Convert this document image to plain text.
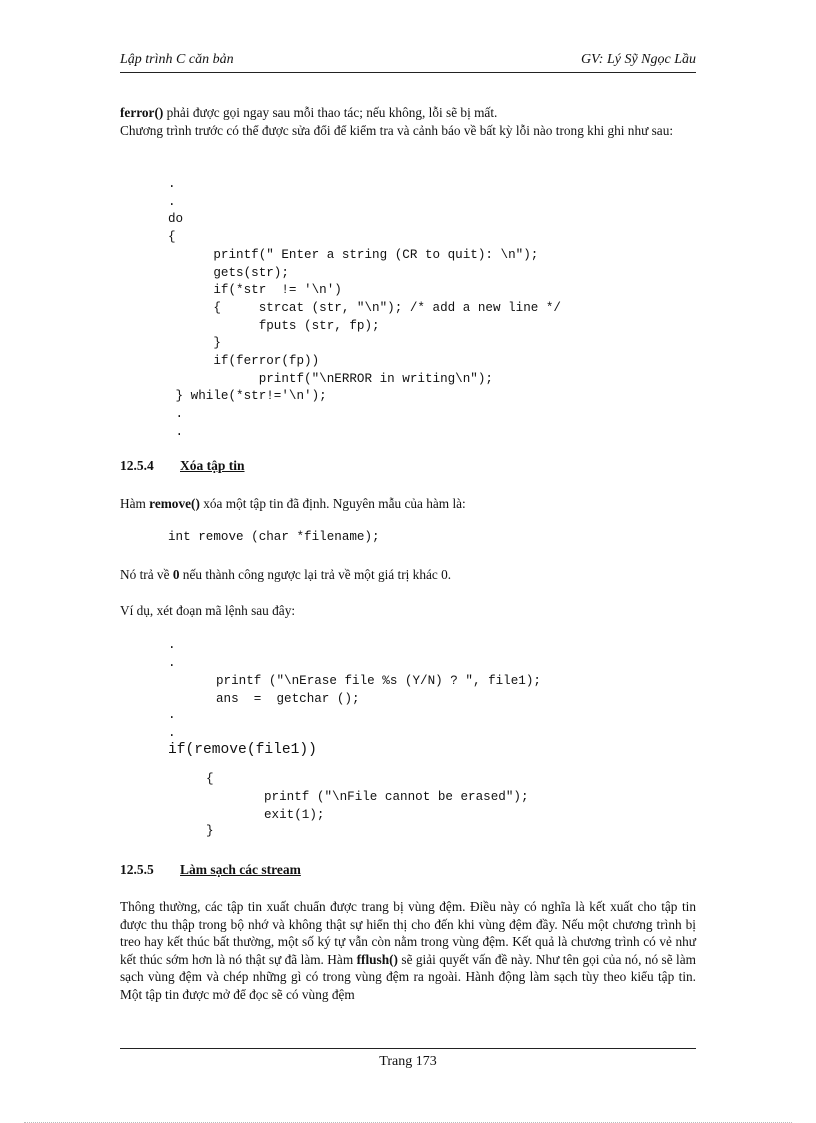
Lập trình C căn bản	GV: Lý Sỹ Ngọc Lầu
ferror() phải được gọi ngay sau mỗi thao tác; nếu không, lỗi sẽ bị mất.
Chương trình trước có thể được sửa đổi để kiểm tra và cảnh báo về bất kỳ lỗi nào trong khi ghi như sau:
.
.
do
{
printf(" Enter a string (CR to quit): \n");
gets(str);
if(*str  != '\n')
{     strcat (str, "\n"); /* add a new line */
fputs (str, fp);
}
if(ferror(fp))
printf("\nERROR in writing\n");
} while(*str!='\n');
.
.
12.5.4 Xóa tập tin
Hàm remove() xóa một tập tin đã định. Nguyên mẫu của hàm là:
int remove (char *filename);
Nó trả về 0 nếu thành công ngược lại trả về một giá trị khác 0.
Ví dụ, xét đoạn mã lệnh sau đây:
.
.
printf ("\nErase file %s (Y/N) ? ", file1);
ans  =  getchar ();
.
.
if(remove(file1))
{
printf ("\nFile cannot be erased");
exit(1);
}
12.5.5 Làm sạch các stream
Thông thường, các tập tin xuất chuẩn được trang bị vùng đệm. Điều này có nghĩa là kết xuất cho tập tin được thu thập trong bộ nhớ và không thật sự hiển thị cho đến khi vùng đệm đầy. Nếu một chương trình bị treo hay kết thúc bất thường, một số ký tự vẫn còn nằm trong vùng đệm. Kết quả là chương trình có vẻ như kết thúc sớm hơn là nó thật sự đã làm. Hàm fflush() sẽ giải quyết vấn đề này. Như tên gọi của nó, nó sẽ làm sạch vùng đệm và chép những gì có trong vùng đệm ra ngoài. Hành động làm sạch tùy theo kiểu tập tin. Một tập tin được mở để đọc sẽ có vùng đệm
Trang 173
